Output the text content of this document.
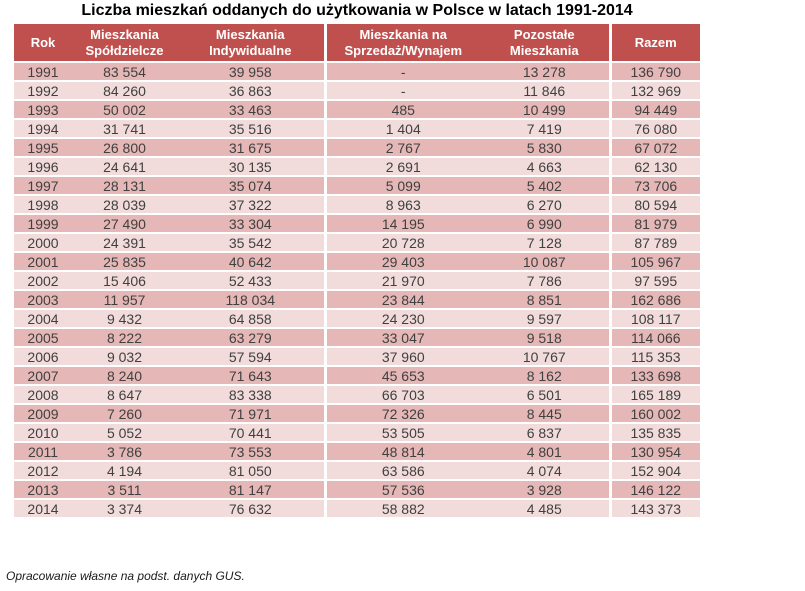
Liczba mieszkań oddanych do użytkowania w Polsce w latach 1991-2014
Rok	Mieszkania Spółdzielcze	Mieszkania Indywidualne	Mieszkania na Sprzedaż/Wynajem	Pozostałe Mieszkania	Razem
1991	83 554	39 958	-	13 278	136 790
1992	84 260	36 863	-	11 846	132 969
1993	50 002	33 463	485	10 499	94 449
1994	31 741	35 516	1 404	7 419	76 080
1995	26 800	31 675	2 767	5 830	67 072
1996	24 641	30 135	2 691	4 663	62 130
1997	28 131	35 074	5 099	5 402	73 706
1998	28 039	37 322	8 963	6 270	80 594
1999	27 490	33 304	14 195	6 990	81 979
2000	24 391	35 542	20 728	7 128	87 789
2001	25 835	40 642	29 403	10 087	105 967
2002	15 406	52 433	21 970	7 786	97 595
2003	11 957	118 034	23 844	8 851	162 686
2004	9 432	64 858	24 230	9 597	108 117
2005	8 222	63 279	33 047	9 518	114 066
2006	9 032	57 594	37 960	10 767	115 353
2007	8 240	71 643	45 653	8 162	133 698
2008	8 647	83 338	66 703	6 501	165 189
2009	7 260	71 971	72 326	8 445	160 002
2010	5 052	70 441	53 505	6 837	135 835
2011	3 786	73 553	48 814	4 801	130 954
2012	4 194	81 050	63 586	4 074	152 904
2013	3 511	81 147	57 536	3 928	146 122
2014	3 374	76 632	58 882	4 485	143 373
Opracowanie własne na podst. danych GUS.
